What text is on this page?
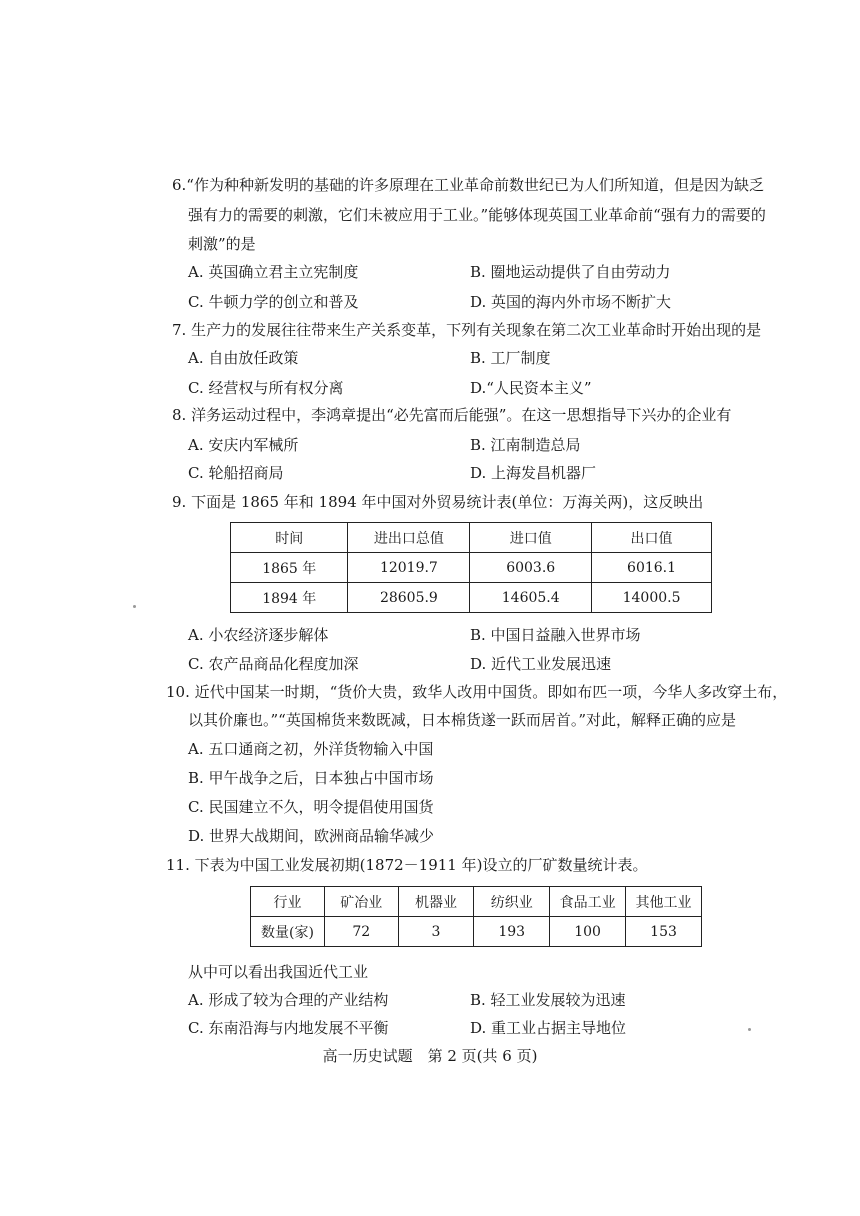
6.“作为种种新发明的基础的许多原理在工业革命前数世纪已为人们所知道，但是因为缺乏
强有力的需要的刺激，它们未被应用于工业。”能够体现英国工业革命前“强有力的需要的
刺激”的是
A. 英国确立君主立宪制度	B. 圈地运动提供了自由劳动力
C. 牛顿力学的创立和普及	D. 英国的海内外市场不断扩大
7. 生产力的发展往往带来生产关系变革，下列有关现象在第二次工业革命时开始出现的是
A. 自由放任政策	B. 工厂制度
C. 经营权与所有权分离	D.“人民资本主义”
8. 洋务运动过程中，李鸿章提出“必先富而后能强”。在这一思想指导下兴办的企业有
A. 安庆内军械所	B. 江南制造总局
C. 轮船招商局	D. 上海发昌机器厂
9. 下面是 1865 年和 1894 年中国对外贸易统计表(单位：万海关两)，这反映出
时间	进出口总值	进口值	出口值
1865 年	12019.7	6003.6	6016.1
1894 年	28605.9	14605.4	14000.5
A. 小农经济逐步解体	B. 中国日益融入世界市场
C. 农产品商品化程度加深	D. 近代工业发展迅速
10. 近代中国某一时期，“货价大贵，致华人改用中国货。即如布匹一项，今华人多改穿土布，
以其价廉也。”“英国棉货来数既减，日本棉货遂一跃而居首。”对此，解释正确的应是
A. 五口通商之初，外洋货物输入中国
B. 甲午战争之后，日本独占中国市场
C. 民国建立不久，明令提倡使用国货
D. 世界大战期间，欧洲商品输华减少
11. 下表为中国工业发展初期(1872－1911 年)设立的厂矿数量统计表。
行业	矿冶业	机器业	纺织业	食品工业	其他工业
数量(家)	72	3	193	100	153
从中可以看出我国近代工业
A. 形成了较为合理的产业结构	B. 轻工业发展较为迅速
C. 东南沿海与内地发展不平衡	D. 重工业占据主导地位
高一历史试题　第 2 页(共 6 页)
